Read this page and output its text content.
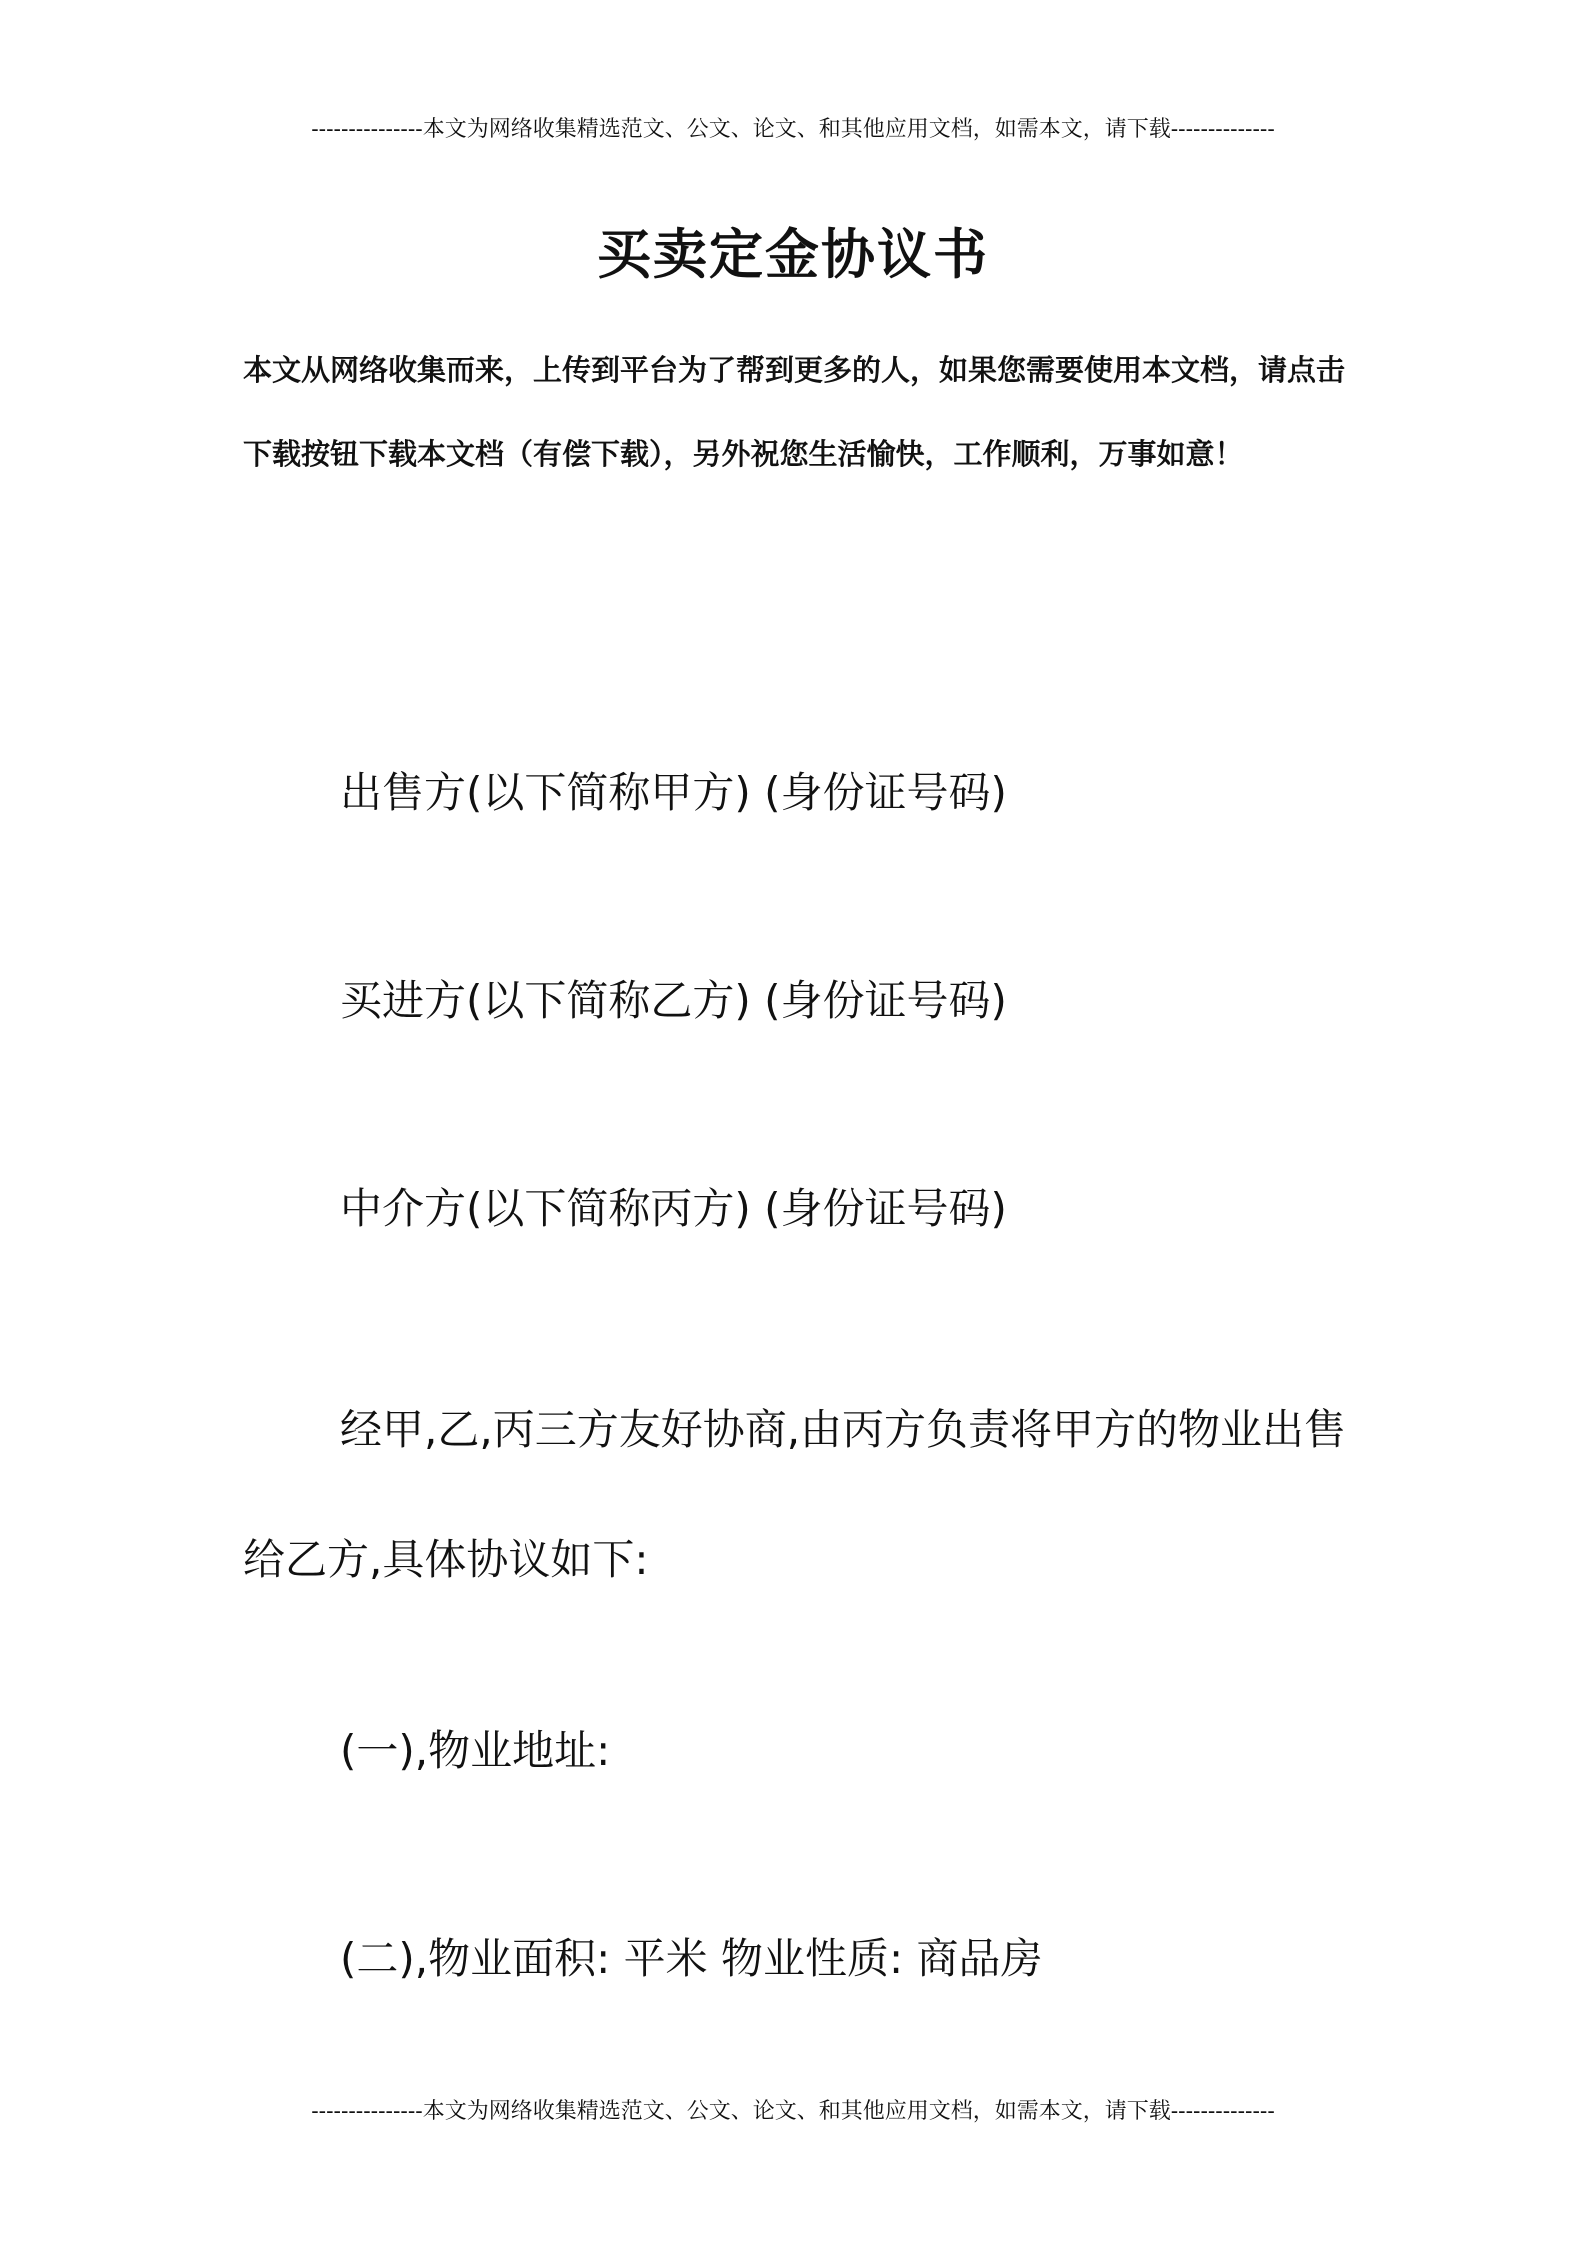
---------------本文为网络收集精选范文、公文、论文、和其他应用文档，如需本文，请下载--------------
买卖定金协议书

本文从网络收集而来，上传到平台为了帮到更多的人，如果您需要使用本文档，请点击下载按钮下载本文档（有偿下载），另外祝您生活愉快，工作顺利，万事如意！

出售方(以下简称甲方) (身份证号码)

买进方(以下简称乙方) (身份证号码)

中介方(以下简称丙方) (身份证号码)

经甲,乙,丙三方友好协商,由丙方负责将甲方的物业出售给乙方,具体协议如下:

(一),物业地址:

(二),物业面积: 平米 物业性质: 商品房

---------------本文为网络收集精选范文、公文、论文、和其他应用文档，如需本文，请下载--------------
